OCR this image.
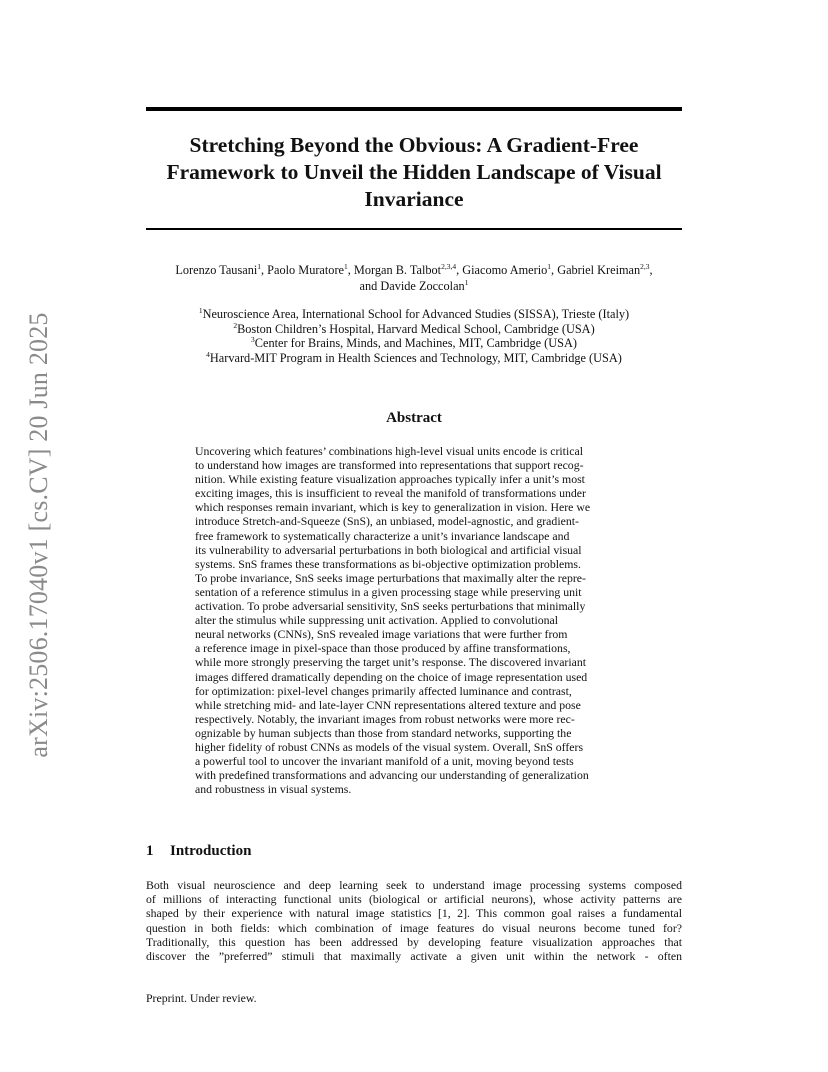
arXiv:2506.17040v1 [cs.CV] 20 Jun 2025
Stretching Beyond the Obvious: A Gradient-Free Framework to Unveil the Hidden Landscape of Visual Invariance
Lorenzo Tausani$^1$, Paolo Muratore$^1$, Morgan B. Talbot$^{2,3,4}$, Giacomo Amerio$^1$, Gabriel Kreiman$^{2,3}$,
and Davide Zoccolan$^1$
$^1$Neuroscience Area, International School for Advanced Studies (SISSA), Trieste (Italy)
$^2$Boston Children’s Hospital, Harvard Medical School, Cambridge (USA)
$^3$Center for Brains, Minds, and Machines, MIT, Cambridge (USA)
$^4$Harvard-MIT Program in Health Sciences and Technology, MIT, Cambridge (USA)
Abstract
Uncovering which features’ combinations high-level visual units encode is critical
to understand how images are transformed into representations that support recog-
nition. While existing feature visualization approaches typically infer a unit’s most
exciting images, this is insufficient to reveal the manifold of transformations under
which responses remain invariant, which is key to generalization in vision. Here we
introduce Stretch-and-Squeeze (SnS), an unbiased, model-agnostic, and gradient-
free framework to systematically characterize a unit’s invariance landscape and
its vulnerability to adversarial perturbations in both biological and artificial visual
systems. SnS frames these transformations as bi-objective optimization problems.
To probe invariance, SnS seeks image perturbations that maximally alter the repre-
sentation of a reference stimulus in a given processing stage while preserving unit
activation. To probe adversarial sensitivity, SnS seeks perturbations that minimally
alter the stimulus while suppressing unit activation. Applied to convolutional
neural networks (CNNs), SnS revealed image variations that were further from
a reference image in pixel-space than those produced by affine transformations,
while more strongly preserving the target unit’s response. The discovered invariant
images differed dramatically depending on the choice of image representation used
for optimization: pixel-level changes primarily affected luminance and contrast,
while stretching mid- and late-layer CNN representations altered texture and pose
respectively. Notably, the invariant images from robust networks were more rec-
ognizable by human subjects than those from standard networks, supporting the
higher fidelity of robust CNNs as models of the visual system. Overall, SnS offers
a powerful tool to uncover the invariant manifold of a unit, moving beyond tests
with predefined transformations and advancing our understanding of generalization
and robustness in visual systems.
1 Introduction
Both visual neuroscience and deep learning seek to understand image processing systems composed
of millions of interacting functional units (biological or artificial neurons), whose activity patterns are
shaped by their experience with natural image statistics [1, 2]. This common goal raises a fundamental
question in both fields: which combination of image features do visual neurons become tuned for?
Traditionally, this question has been addressed by developing feature visualization approaches that
discover the ”preferred” stimuli that maximally activate a given unit within the network - often
Preprint. Under review.
